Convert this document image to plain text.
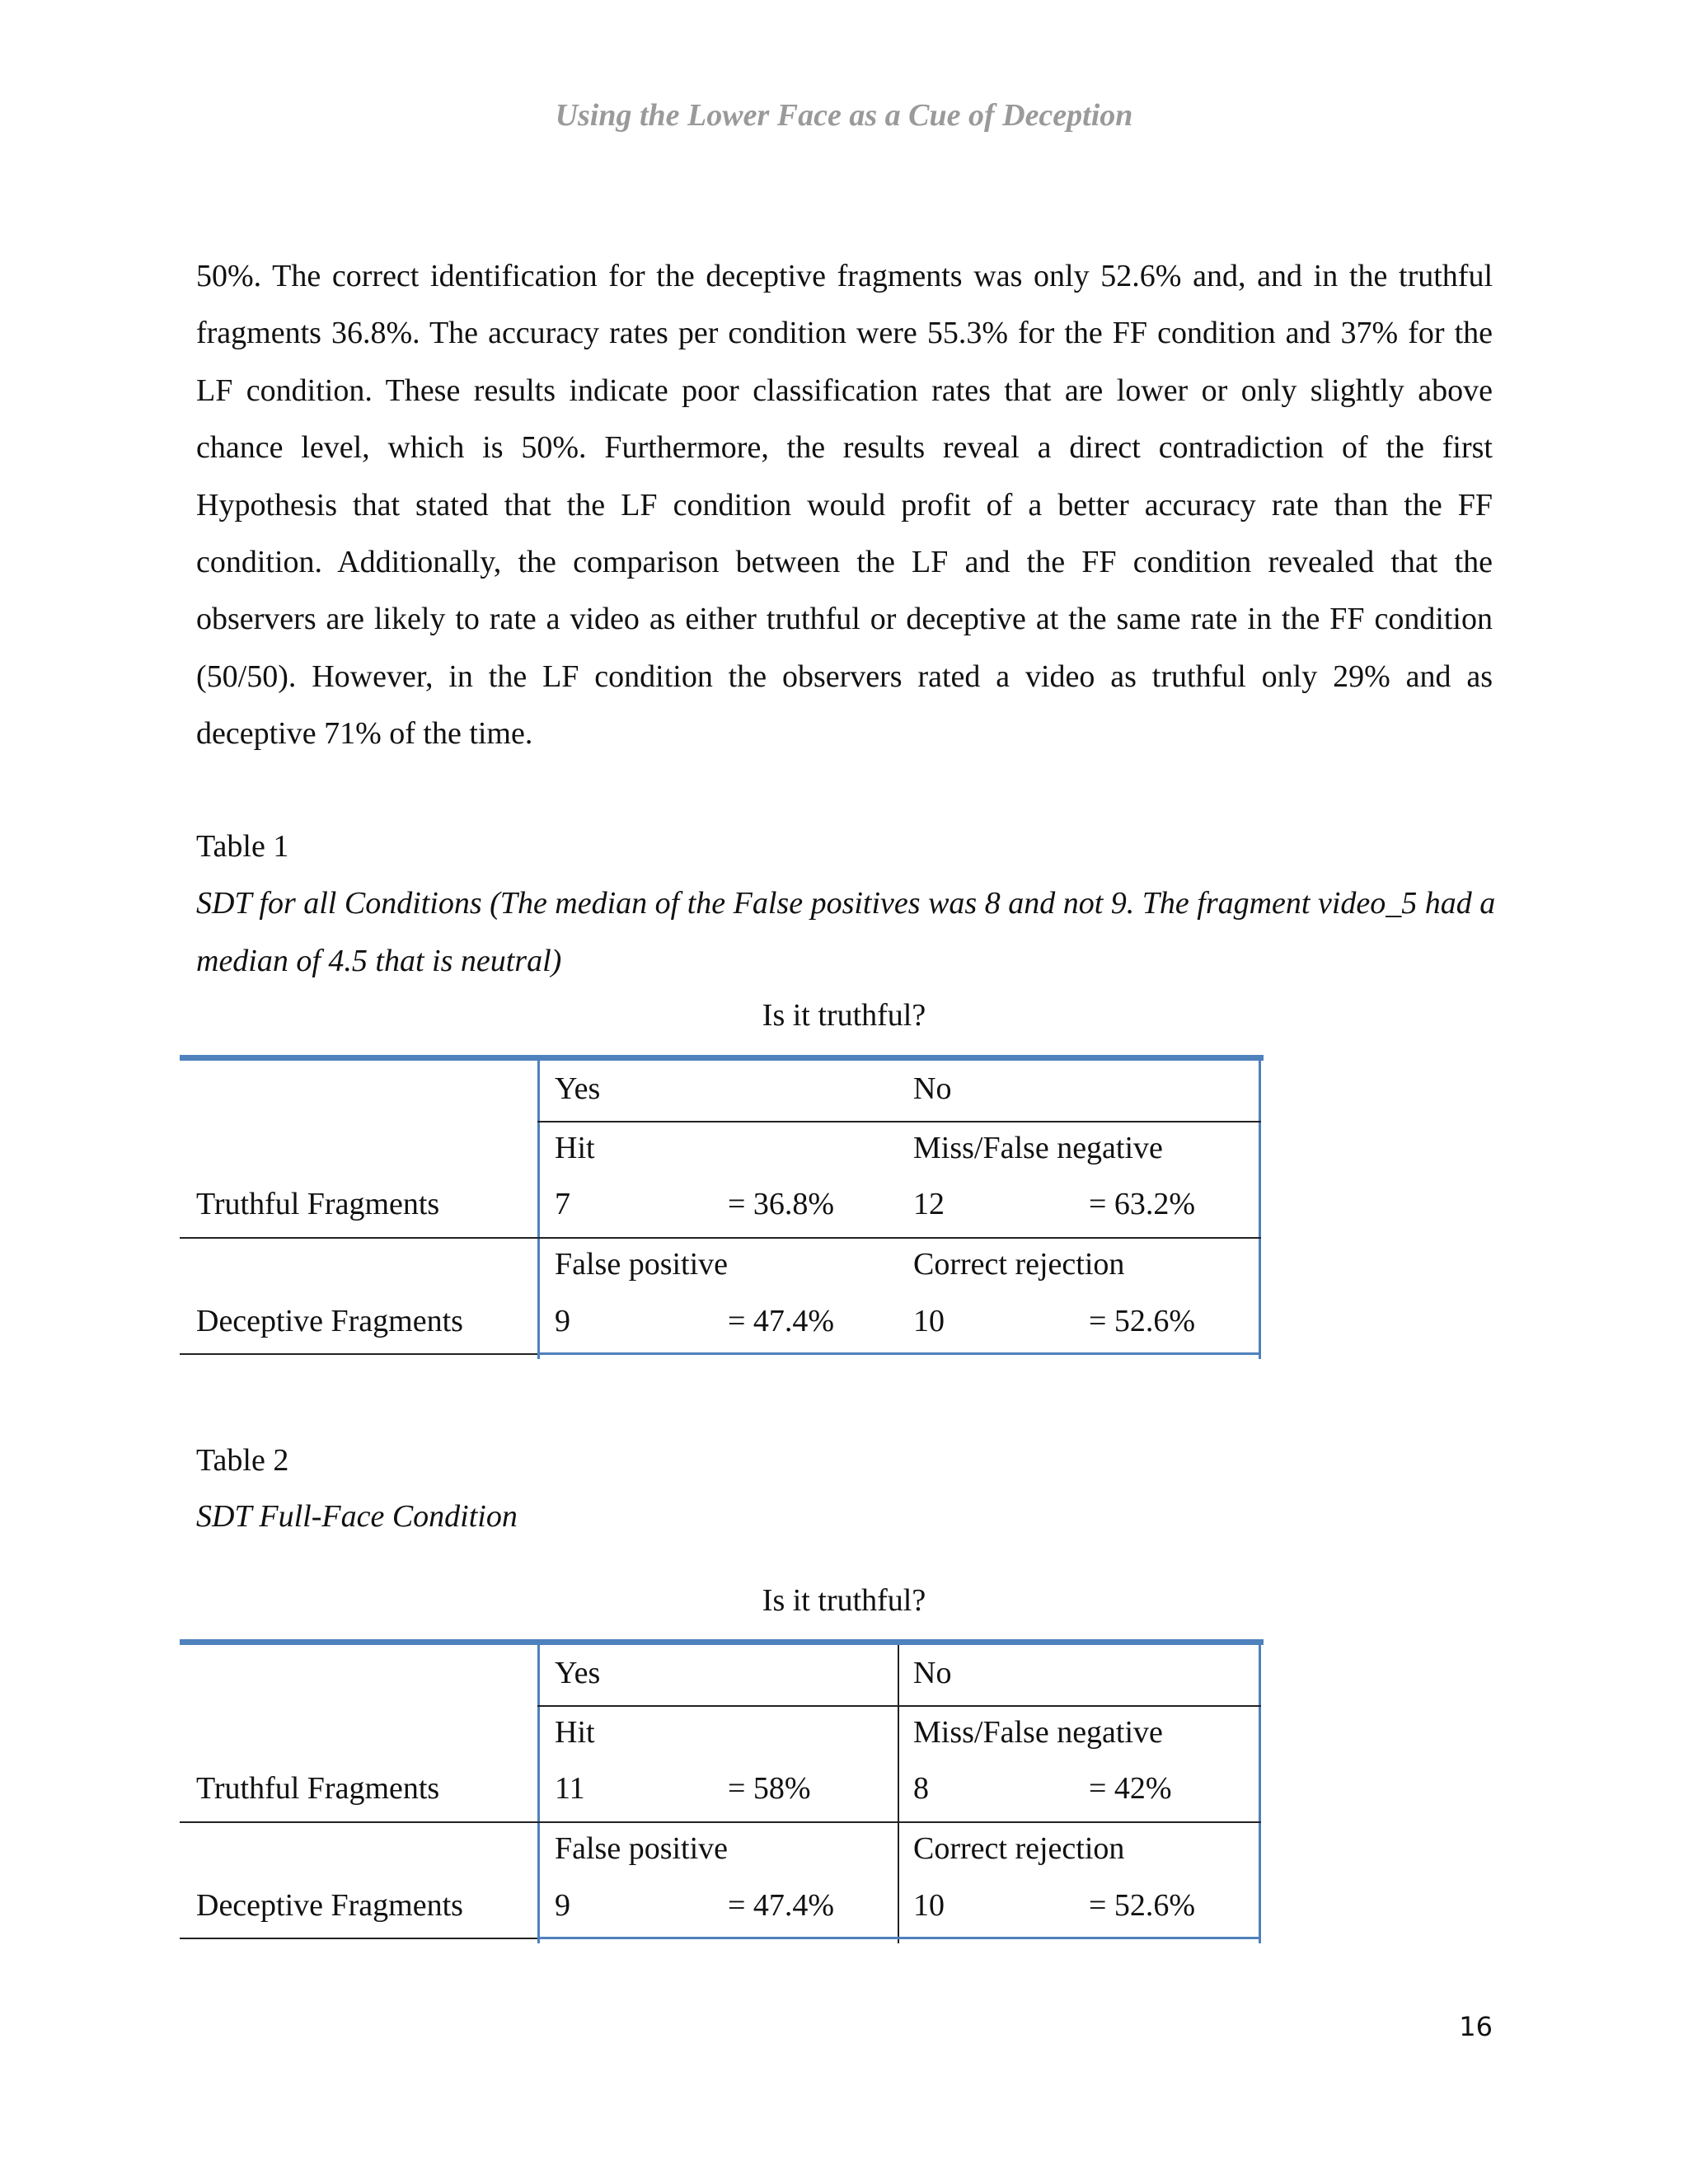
Using the Lower Face as a Cue of Deception

50%. The correct identification for the deceptive fragments was only 52.6% and, and in the truthful fragments 36.8%. The accuracy rates per condition were 55.3% for the FF condition and 37% for the LF condition. These results indicate poor classification rates that are lower or only slightly above chance level, which is 50%. Furthermore, the results reveal a direct contradiction of the first Hypothesis that stated that the LF condition would profit of a better accuracy rate than the FF condition. Additionally, the comparison between the LF and the FF condition revealed that the observers are likely to rate a video as either truthful or deceptive at the same rate in the FF condition (50/50). However, in the LF condition the observers rated a video as truthful only 29% and as deceptive 71% of the time.

Table 1

SDT for all Conditions (The median of the False positives was 8 and not 9. The fragment video_5 had a median of 4.5 that is neutral)

Is it truthful?
Yes	No
Hit	Miss/False negative
Truthful Fragments	7	= 36.8%	12	= 63.2%
False positive	Correct rejection
Deceptive Fragments	9	= 47.4%	10	= 52.6%

Table 2

SDT Full-Face Condition

Is it truthful?
Yes	No
Hit	Miss/False negative
Truthful Fragments	11	= 58%	8	= 42%
False positive	Correct rejection
Deceptive Fragments	9	= 47.4%	10	= 52.6%
16
